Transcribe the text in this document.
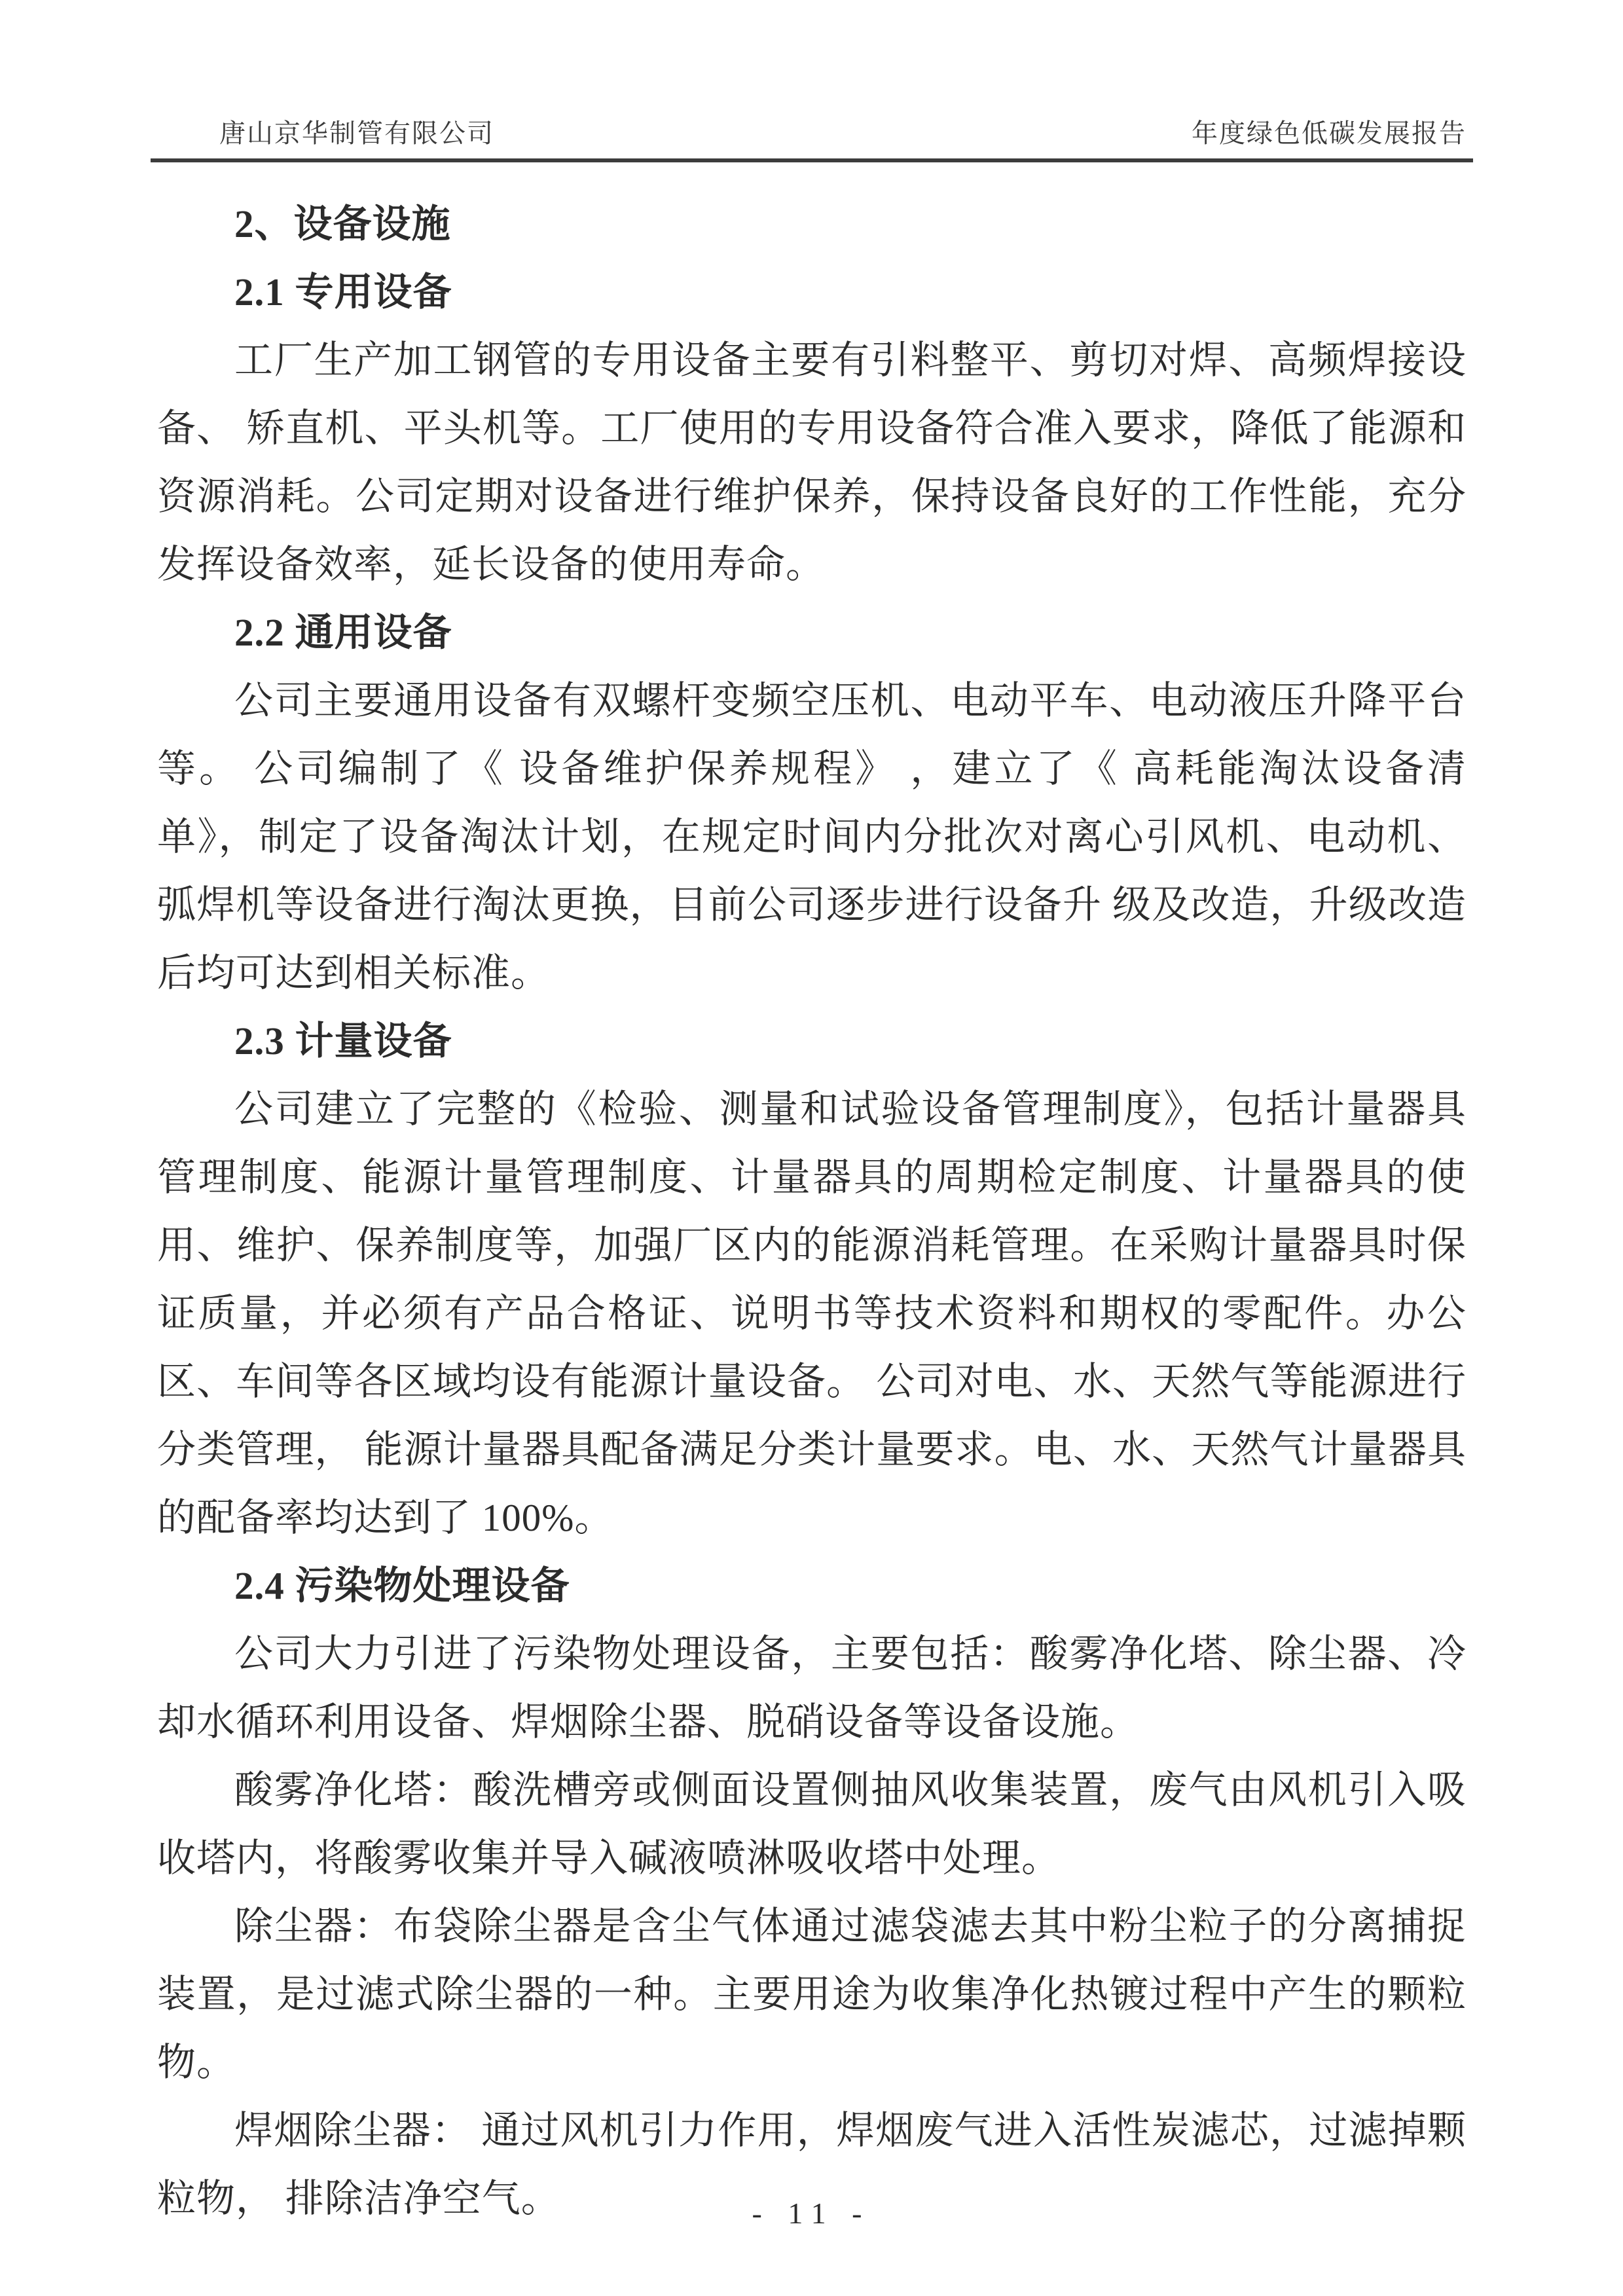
唐山京华制管有限公司	年度绿色低碳发展报告
2、设备设施
2.1 专用设备
工厂生产加工钢管的专用设备主要有引料整平、剪切对焊、高频焊接设备、 矫直机、平头机等。工厂使用的专用设备符合准入要求，降低了能源和资源消耗。公司定期对设备进行维护保养，保持设备良好的工作性能，充分发挥设备效率，延长设备的使用寿命。
2.2 通用设备
公司主要通用设备有双螺杆变频空压机、电动平车、电动液压升降平台等。 公司编制了《 设备维护保养规程》 ，建立了《 高耗能淘汰设备清单》，制定了设备淘汰计划，在规定时间内分批次对离心引风机、电动机、弧焊机等设备进行淘汰更换，目前公司逐步进行设备升 级及改造，升级改造后均可达到相关标准。
2.3 计量设备
公司建立了完整的《检验、测量和试验设备管理制度》，包括计量器具管理制度、能源计量管理制度、计量器具的周期检定制度、计量器具的使用、维护、保养制度等，加强厂区内的能源消耗管理。在采购计量器具时保证质量，并必须有产品合格证、说明书等技术资料和期权的零配件。办公区、车间等各区域均设有能源计量设备。 公司对电、水、天然气等能源进行分类管理， 能源计量器具配备满足分类计量要求。电、水、天然气计量器具的配备率均达到了 100%。
2.4 污染物处理设备
公司大力引进了污染物处理设备，主要包括：酸雾净化塔、除尘器、冷却水循环利用设备、焊烟除尘器、脱硝设备等设备设施。
酸雾净化塔：酸洗槽旁或侧面设置侧抽风收集装置，废气由风机引入吸收塔内，将酸雾收集并导入碱液喷淋吸收塔中处理。
除尘器：布袋除尘器是含尘气体通过滤袋滤去其中粉尘粒子的分离捕捉装置，是过滤式除尘器的一种。主要用途为收集净化热镀过程中产生的颗粒物。
焊烟除尘器： 通过风机引力作用，焊烟废气进入活性炭滤芯，过滤掉颗粒物， 排除洁净空气。	- 11 -
